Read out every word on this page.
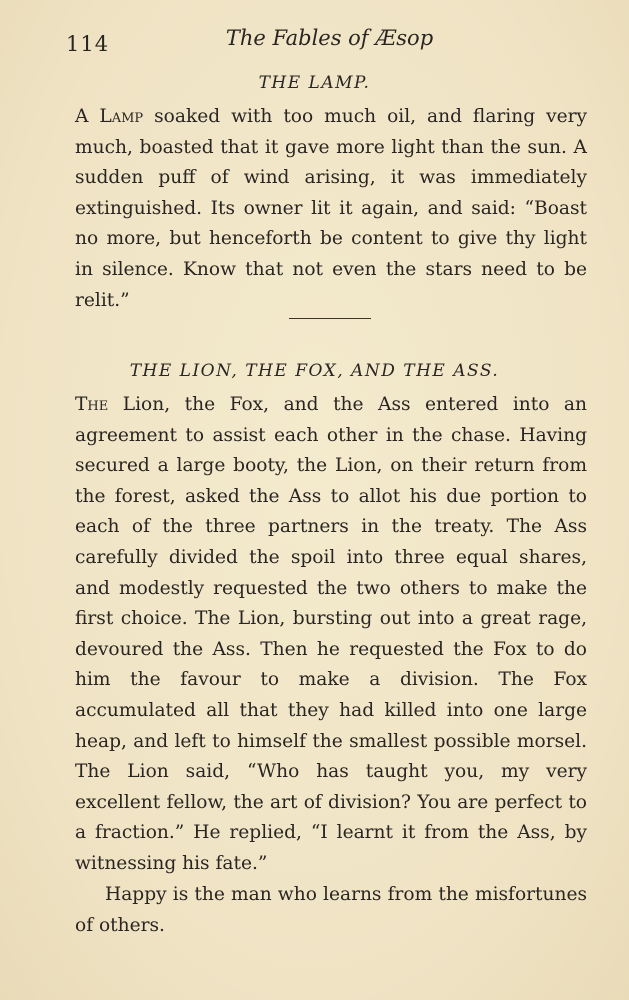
114	The Fables of Æsop
THE LAMP.

A Lamp soaked with too much oil, and flaring very much, boasted that it gave more light than the sun. A sudden puff of wind arising, it was immediately extinguished. Its owner lit it again, and said: “Boast no more, but henceforth be content to give thy light in silence. Know that not even the stars need to be relit.”

THE LION, THE FOX, AND THE ASS.

The Lion, the Fox, and the Ass entered into an agreement to assist each other in the chase. Having secured a large booty, the Lion, on their return from the forest, asked the Ass to allot his due portion to each of the three partners in the treaty. The Ass carefully divided the spoil into three equal shares, and modestly requested the two others to make the first choice. The Lion, bursting out into a great rage, devoured the Ass. Then he requested the Fox to do him the favour to make a division. The Fox accumulated all that they had killed into one large heap, and left to himself the smallest possible morsel. The Lion said, “Who has taught you, my very excellent fellow, the art of division? You are perfect to a fraction.” He replied, “I learnt it from the Ass, by witnessing his fate.”

Happy is the man who learns from the misfortunes of others.
